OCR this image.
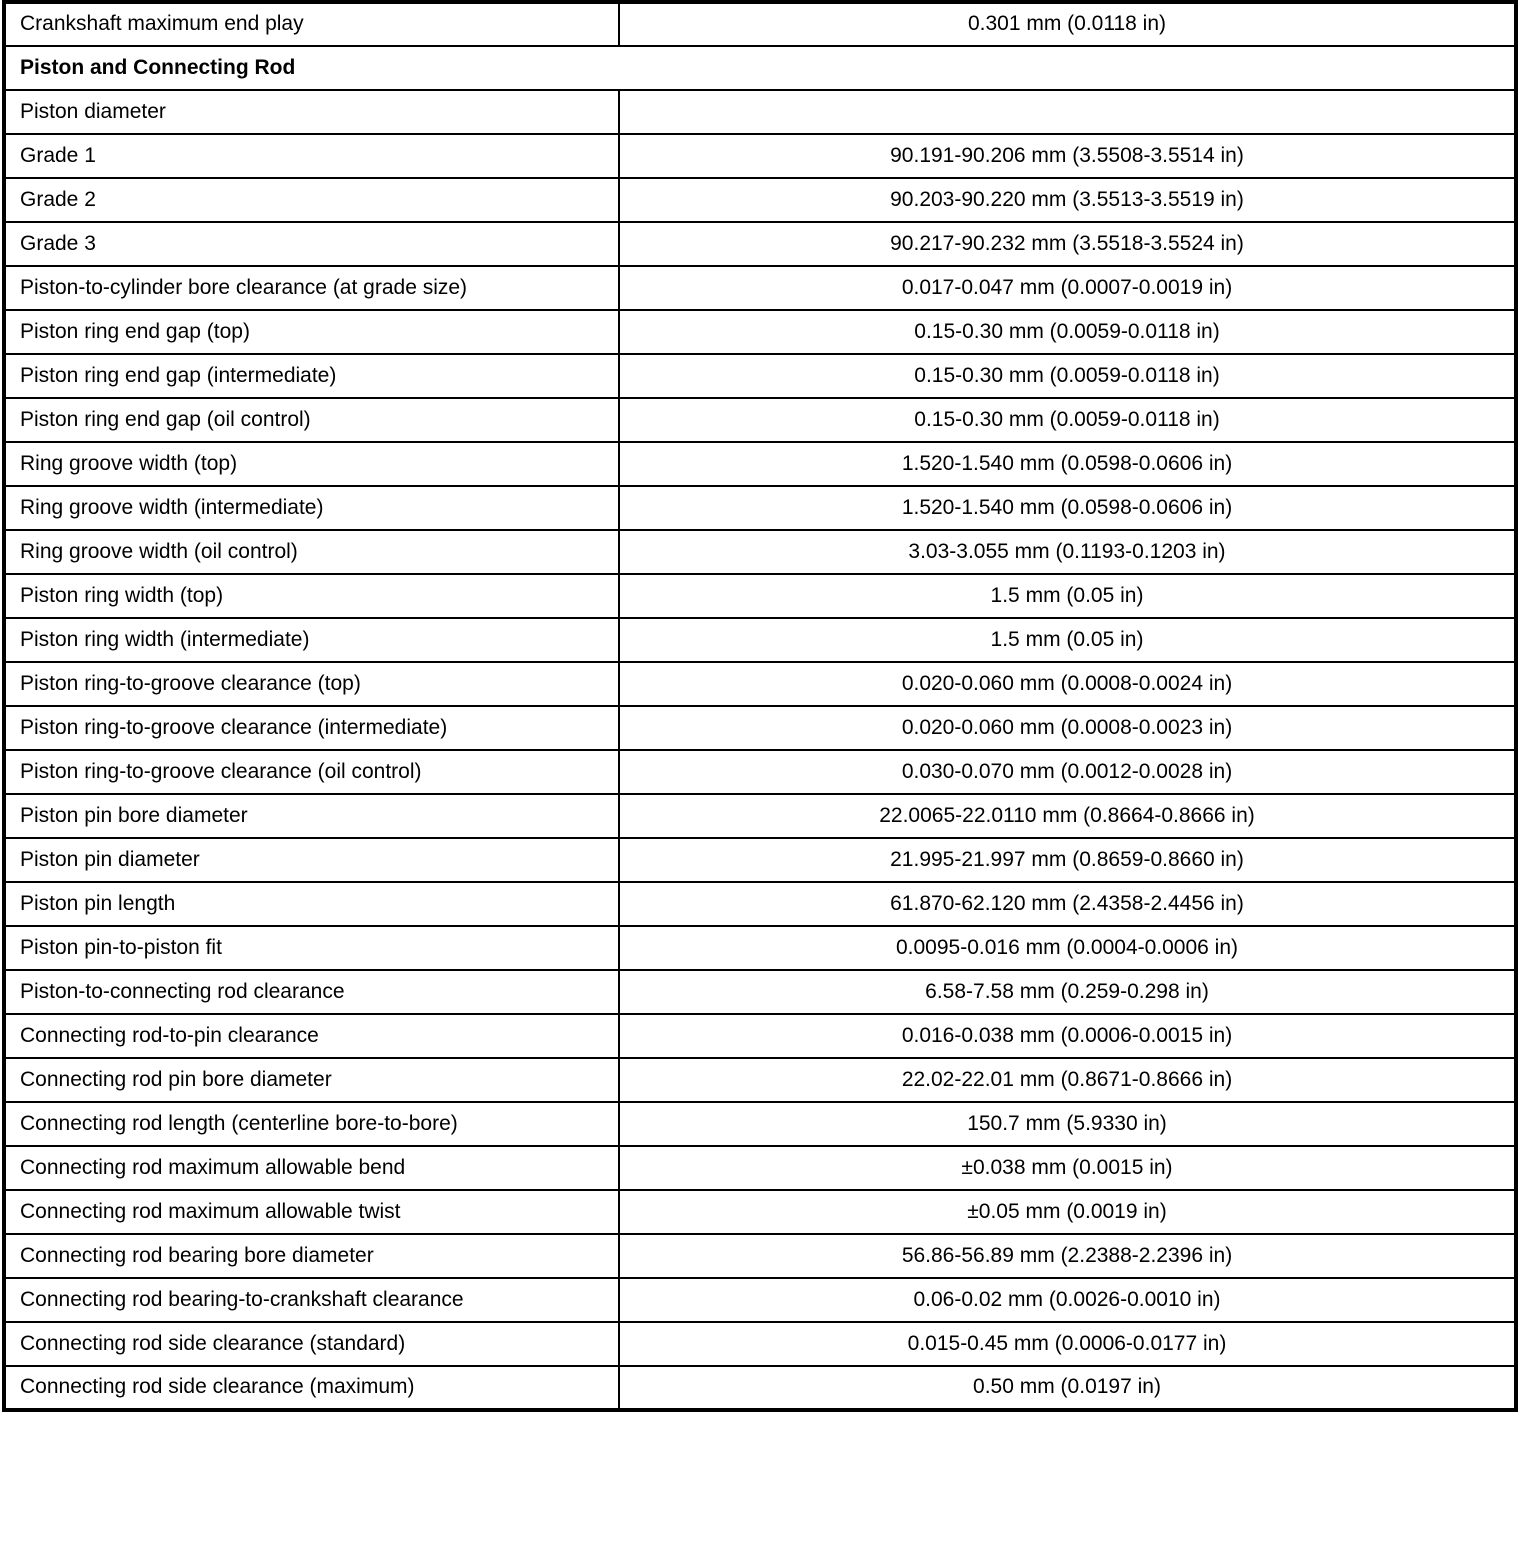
Crankshaft maximum end play	0.301 mm (0.0118 in)
Piston and Connecting Rod	
Piston diameter	
Grade 1	90.191-90.206 mm (3.5508-3.5514 in)
Grade 2	90.203-90.220 mm (3.5513-3.5519 in)
Grade 3	90.217-90.232 mm (3.5518-3.5524 in)
Piston-to-cylinder bore clearance (at grade size)	0.017-0.047 mm (0.0007-0.0019 in)
Piston ring end gap (top)	0.15-0.30 mm (0.0059-0.0118 in)
Piston ring end gap (intermediate)	0.15-0.30 mm (0.0059-0.0118 in)
Piston ring end gap (oil control)	0.15-0.30 mm (0.0059-0.0118 in)
Ring groove width (top)	1.520-1.540 mm (0.0598-0.0606 in)
Ring groove width (intermediate)	1.520-1.540 mm (0.0598-0.0606 in)
Ring groove width (oil control)	3.03-3.055 mm (0.1193-0.1203 in)
Piston ring width (top)	1.5 mm (0.05 in)
Piston ring width (intermediate)	1.5 mm (0.05 in)
Piston ring-to-groove clearance (top)	0.020-0.060 mm (0.0008-0.0024 in)
Piston ring-to-groove clearance (intermediate)	0.020-0.060 mm (0.0008-0.0023 in)
Piston ring-to-groove clearance (oil control)	0.030-0.070 mm (0.0012-0.0028 in)
Piston pin bore diameter	22.0065-22.0110 mm (0.8664-0.8666 in)
Piston pin diameter	21.995-21.997 mm (0.8659-0.8660 in)
Piston pin length	61.870-62.120 mm (2.4358-2.4456 in)
Piston pin-to-piston fit	0.0095-0.016 mm (0.0004-0.0006 in)
Piston-to-connecting rod clearance	6.58-7.58 mm (0.259-0.298 in)
Connecting rod-to-pin clearance	0.016-0.038 mm (0.0006-0.0015 in)
Connecting rod pin bore diameter	22.02-22.01 mm (0.8671-0.8666 in)
Connecting rod length (centerline bore-to-bore)	150.7 mm (5.9330 in)
Connecting rod maximum allowable bend	±0.038 mm (0.0015 in)
Connecting rod maximum allowable twist	±0.05 mm (0.0019 in)
Connecting rod bearing bore diameter	56.86-56.89 mm (2.2388-2.2396 in)
Connecting rod bearing-to-crankshaft clearance	0.06-0.02 mm (0.0026-0.0010 in)
Connecting rod side clearance (standard)	0.015-0.45 mm (0.0006-0.0177 in)
Connecting rod side clearance (maximum)	0.50 mm (0.0197 in)
